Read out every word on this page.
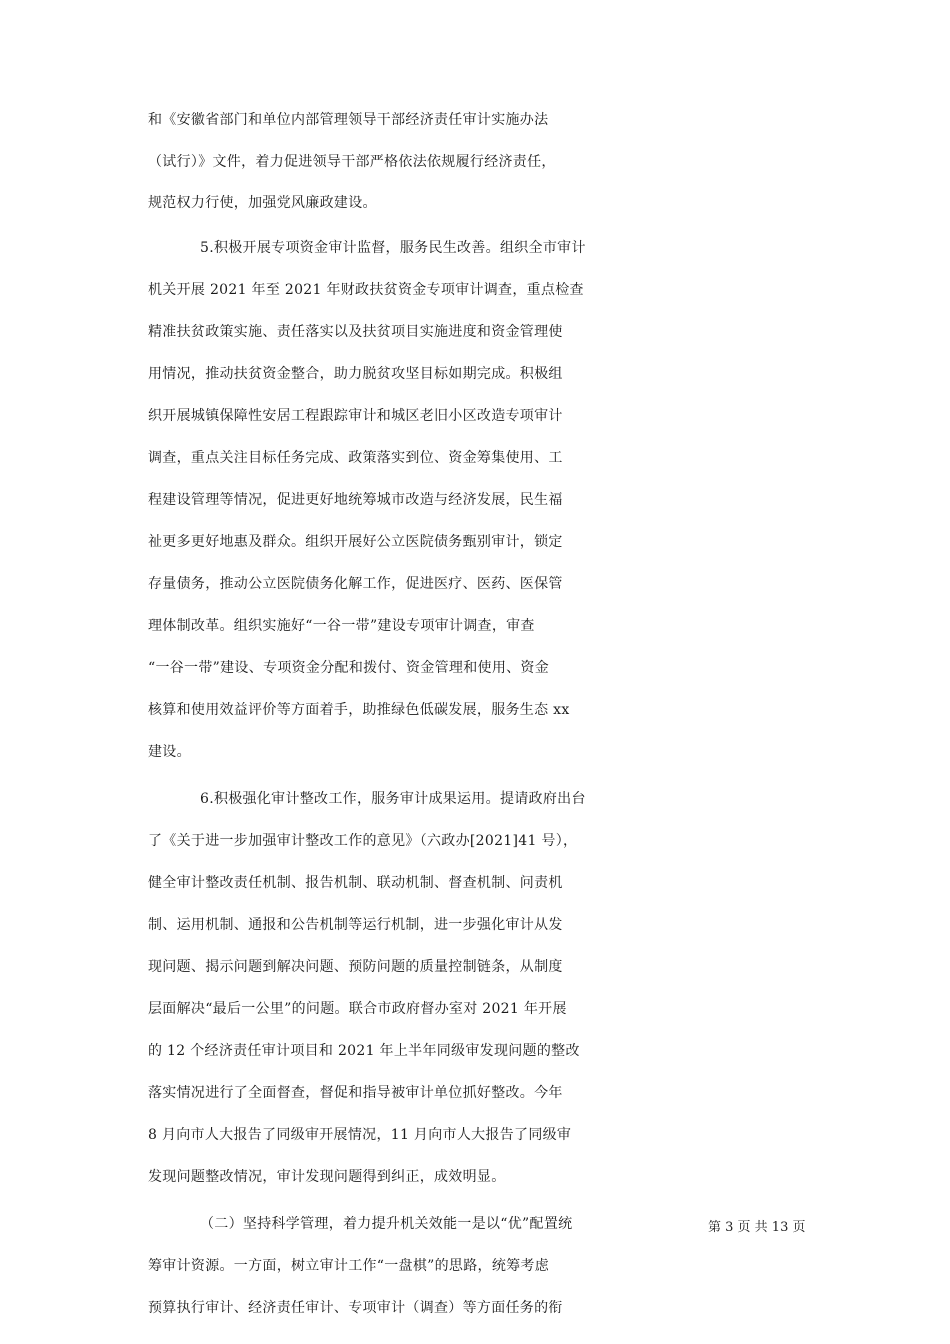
和《安徽省部门和单位内部管理领导干部经济责任审计实施办法
（试行）》文件，着力促进领导干部严格依法依规履行经济责任，
规范权力行使，加强党风廉政建设。
5.积极开展专项资金审计监督，服务民生改善。组织全市审计
机关开展 2021 年至 2021 年财政扶贫资金专项审计调查，重点检查
精准扶贫政策实施、责任落实以及扶贫项目实施进度和资金管理使
用情况，推动扶贫资金整合，助力脱贫攻坚目标如期完成。积极组
织开展城镇保障性安居工程跟踪审计和城区老旧小区改造专项审计
调查，重点关注目标任务完成、政策落实到位、资金筹集使用、工
程建设管理等情况，促进更好地统筹城市改造与经济发展，民生福
祉更多更好地惠及群众。组织开展好公立医院债务甄别审计，锁定
存量债务，推动公立医院债务化解工作，促进医疗、医药、医保管
理体制改革。组织实施好“一谷一带”建设专项审计调查，审查
“一谷一带”建设、专项资金分配和拨付、资金管理和使用、资金
核算和使用效益评价等方面着手，助推绿色低碳发展，服务生态 xx
建设。
6.积极强化审计整改工作，服务审计成果运用。提请政府出台
了《关于进一步加强审计整改工作的意见》（六政办[2021]41 号），
健全审计整改责任机制、报告机制、联动机制、督查机制、问责机
制、运用机制、通报和公告机制等运行机制，进一步强化审计从发
现问题、揭示问题到解决问题、预防问题的质量控制链条，从制度
层面解决“最后一公里”的问题。联合市政府督办室对 2021 年开展
的 12 个经济责任审计项目和 2021 年上半年同级审发现问题的整改
落实情况进行了全面督查，督促和指导被审计单位抓好整改。今年
8 月向市人大报告了同级审开展情况，11 月向市人大报告了同级审
发现问题整改情况，审计发现问题得到纠正，成效明显。
（二）坚持科学管理，着力提升机关效能一是以“优”配置统
筹审计资源。一方面，树立审计工作“一盘棋”的思路，统筹考虑
预算执行审计、经济责任审计、专项审计（调查）等方面任务的衔
第 3 页 共 13 页
